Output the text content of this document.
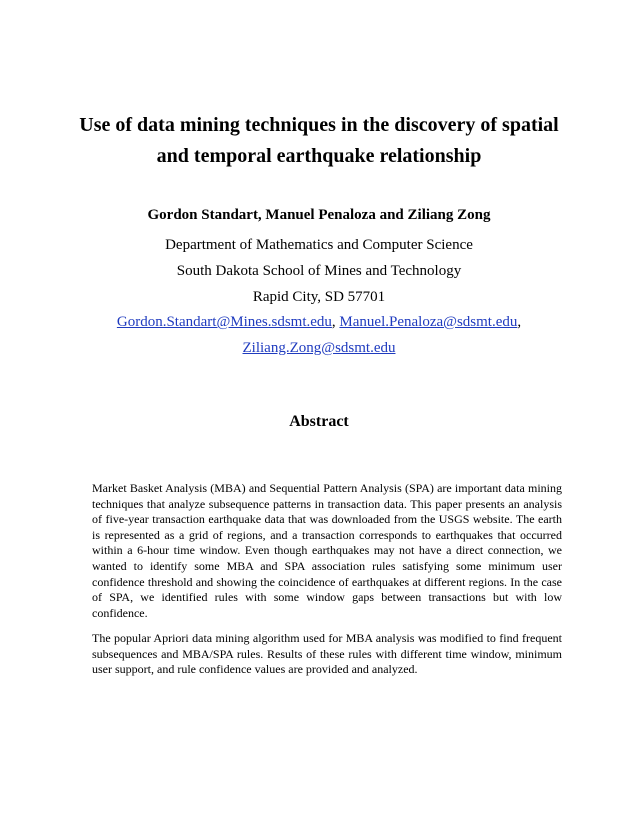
Use of data mining techniques in the discovery of spatial
and temporal earthquake relationship
Gordon Standart, Manuel Penaloza and Ziliang Zong
Department of Mathematics and Computer Science
South Dakota School of Mines and Technology
Rapid City, SD 57701
Gordon.Standart@Mines.sdsmt.edu, Manuel.Penaloza@sdsmt.edu,
Ziliang.Zong@sdsmt.edu
Abstract

Market Basket Analysis (MBA) and Sequential Pattern Analysis (SPA) are important data mining techniques that analyze subsequence patterns in transaction data. This paper presents an analysis of five-year transaction earthquake data that was downloaded from the USGS website. The earth is represented as a grid of regions, and a transaction corresponds to earthquakes that occurred within a 6-hour time window. Even though earthquakes may not have a direct connection, we wanted to identify some MBA and SPA association rules satisfying some minimum user confidence threshold and showing the coincidence of earthquakes at different regions. In the case of SPA, we identified rules with some window gaps between transactions but with low confidence.

The popular Apriori data mining algorithm used for MBA analysis was modified to find frequent subsequences and MBA/SPA rules. Results of these rules with different time window, minimum user support, and rule confidence values are provided and analyzed.
